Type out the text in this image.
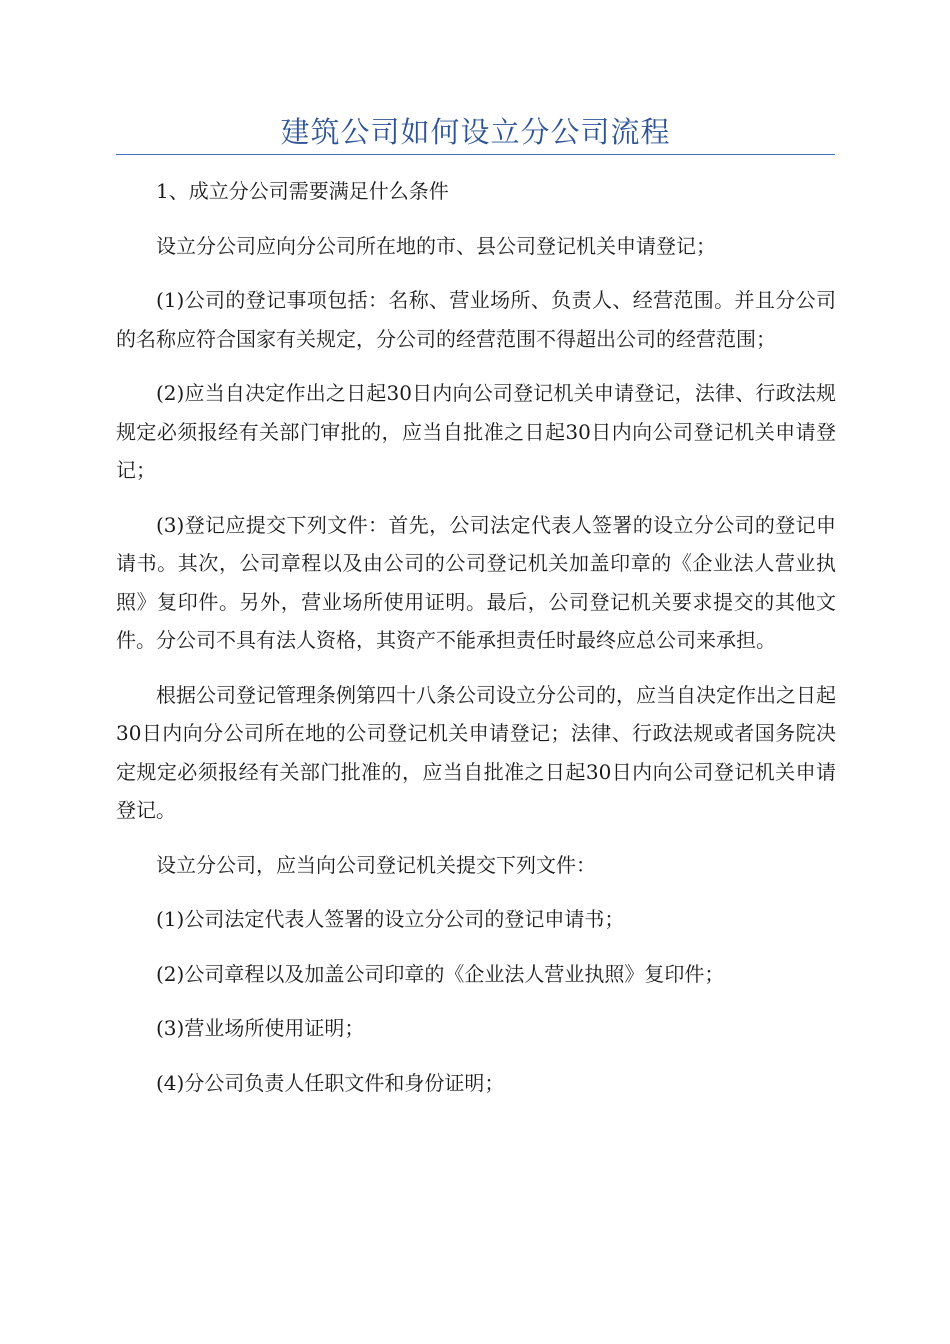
建筑公司如何设立分公司流程

1、成立分公司需要满足什么条件

设立分公司应向分公司所在地的市、县公司登记机关申请登记；

(1)公司的登记事项包括：名称、营业场所、负责人、经营范围。并且分公司的名称应符合国家有关规定，分公司的经营范围不得超出公司的经营范围；

(2)应当自决定作出之日起30日内向公司登记机关申请登记，法律、行政法规规定必须报经有关部门审批的，应当自批准之日起30日内向公司登记机关申请登记；

(3)登记应提交下列文件：首先，公司法定代表人签署的设立分公司的登记申请书。其次，公司章程以及由公司的公司登记机关加盖印章的《企业法人营业执照》复印件。另外，营业场所使用证明。最后，公司登记机关要求提交的其他文件。分公司不具有法人资格，其资产不能承担责任时最终应总公司来承担。

根据公司登记管理条例第四十八条公司设立分公司的，应当自决定作出之日起30日内向分公司所在地的公司登记机关申请登记；法律、行政法规或者国务院决定规定必须报经有关部门批准的，应当自批准之日起30日内向公司登记机关申请登记。

设立分公司，应当向公司登记机关提交下列文件：

(1)公司法定代表人签署的设立分公司的登记申请书；

(2)公司章程以及加盖公司印章的《企业法人营业执照》复印件；

(3)营业场所使用证明；

(4)分公司负责人任职文件和身份证明；
